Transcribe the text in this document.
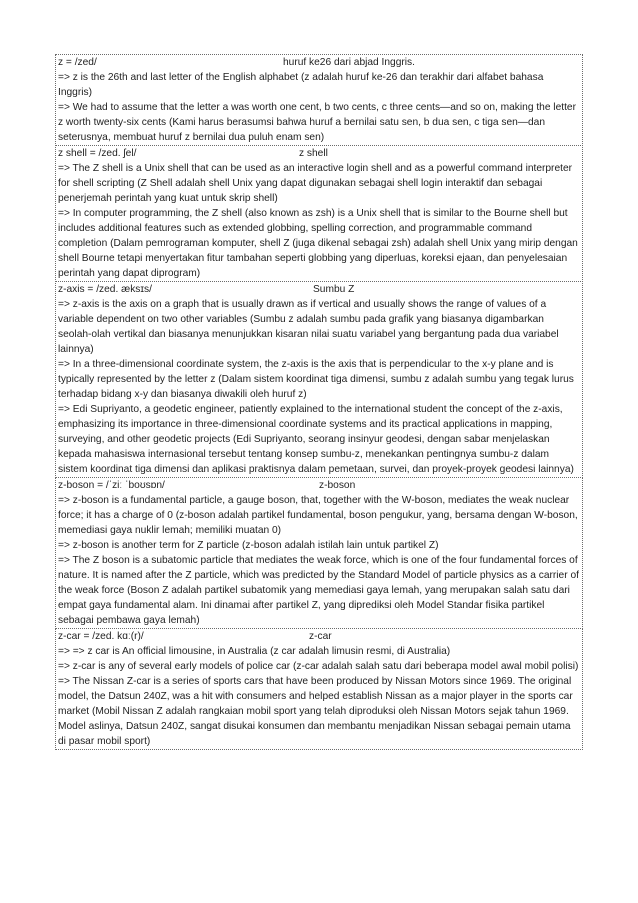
z = /zed/	huruf ke26 dari abjad Inggris.

=> z is the 26th and last letter of the English alphabet (z adalah huruf ke-26 dan terakhir dari alfabet bahasa Inggris)

=> We had to assume that the letter a was worth one cent, b two cents, c three cents—and so on, making the letter z worth twenty-six cents (Kami harus berasumsi bahwa huruf a bernilai satu sen, b dua sen, c tiga sen—dan seterusnya, membuat huruf z bernilai dua puluh enam sen)

z shell = /zed. ʃel/	z shell

=> The Z shell is a Unix shell that can be used as an interactive login shell and as a powerful command interpreter for shell scripting (Z Shell adalah shell Unix yang dapat digunakan sebagai shell login interaktif dan sebagai penerjemah perintah yang kuat untuk skrip shell)

=> In computer programming, the Z shell (also known as zsh) is a Unix shell that is similar to the Bourne shell but includes additional features such as extended globbing, spelling correction, and programmable command completion (Dalam pemrograman komputer, shell Z (juga dikenal sebagai zsh) adalah shell Unix yang mirip dengan shell Bourne tetapi menyertakan fitur tambahan seperti globbing yang diperluas, koreksi ejaan, dan penyelesaian perintah yang dapat diprogram)

z-axis = /zed. æksɪs/	Sumbu Z

=> z-axis is the axis on a graph that is usually drawn as if vertical and usually shows the range of values of a variable dependent on two other variables (Sumbu z adalah sumbu pada grafik yang biasanya digambarkan seolah-olah vertikal dan biasanya menunjukkan kisaran nilai suatu variabel yang bergantung pada dua variabel lainnya)

=> In a three-dimensional coordinate system, the z-axis is the axis that is perpendicular to the x-y plane and is typically represented by the letter z (Dalam sistem koordinat tiga dimensi, sumbu z adalah sumbu yang tegak lurus terhadap bidang x-y dan biasanya diwakili oleh huruf z)

=> Edi Supriyanto, a geodetic engineer, patiently explained to the international student the concept of the z-axis, emphasizing its importance in three-dimensional coordinate systems and its practical applications in mapping, surveying, and other geodetic projects (Edi Supriyanto, seorang insinyur geodesi, dengan sabar menjelaskan kepada mahasiswa internasional tersebut tentang konsep sumbu-z, menekankan pentingnya sumbu-z dalam sistem koordinat tiga dimensi dan aplikasi praktisnya dalam pemetaan, survei, dan proyek-proyek geodesi lainnya)

z-boson = /ˈziː ˈboʊsɒn/	z-boson

=> z-boson is a fundamental particle, a gauge boson, that, together with the W-boson, mediates the weak nuclear force; it has a charge of 0 (z-boson adalah partikel fundamental, boson pengukur, yang, bersama dengan W-boson, memediasi gaya nuklir lemah; memiliki muatan 0)

=> z-boson is another term for Z particle (z-boson adalah istilah lain untuk partikel Z)

=> The Z boson is a subatomic particle that mediates the weak force, which is one of the four fundamental forces of nature. It is named after the Z particle, which was predicted by the Standard Model of particle physics as a carrier of the weak force (Boson Z adalah partikel subatomik yang memediasi gaya lemah, yang merupakan salah satu dari empat gaya fundamental alam. Ini dinamai after partikel Z, yang diprediksi oleh Model Standar fisika partikel sebagai pembawa gaya lemah)

z-car = /zed. kɑː(r)/	z-car

=> => z car is An official limousine, in Australia (z car adalah limusin resmi, di Australia)

=> z-car is any of several early models of police car (z-car adalah salah satu dari beberapa model awal mobil polisi)

=> The Nissan Z-car is a series of sports cars that have been produced by Nissan Motors since 1969. The original model, the Datsun 240Z, was a hit with consumers and helped establish Nissan as a major player in the sports car market (Mobil Nissan Z adalah rangkaian mobil sport yang telah diproduksi oleh Nissan Motors sejak tahun 1969. Model aslinya, Datsun 240Z, sangat disukai konsumen dan membantu menjadikan Nissan sebagai pemain utama di pasar mobil sport)
